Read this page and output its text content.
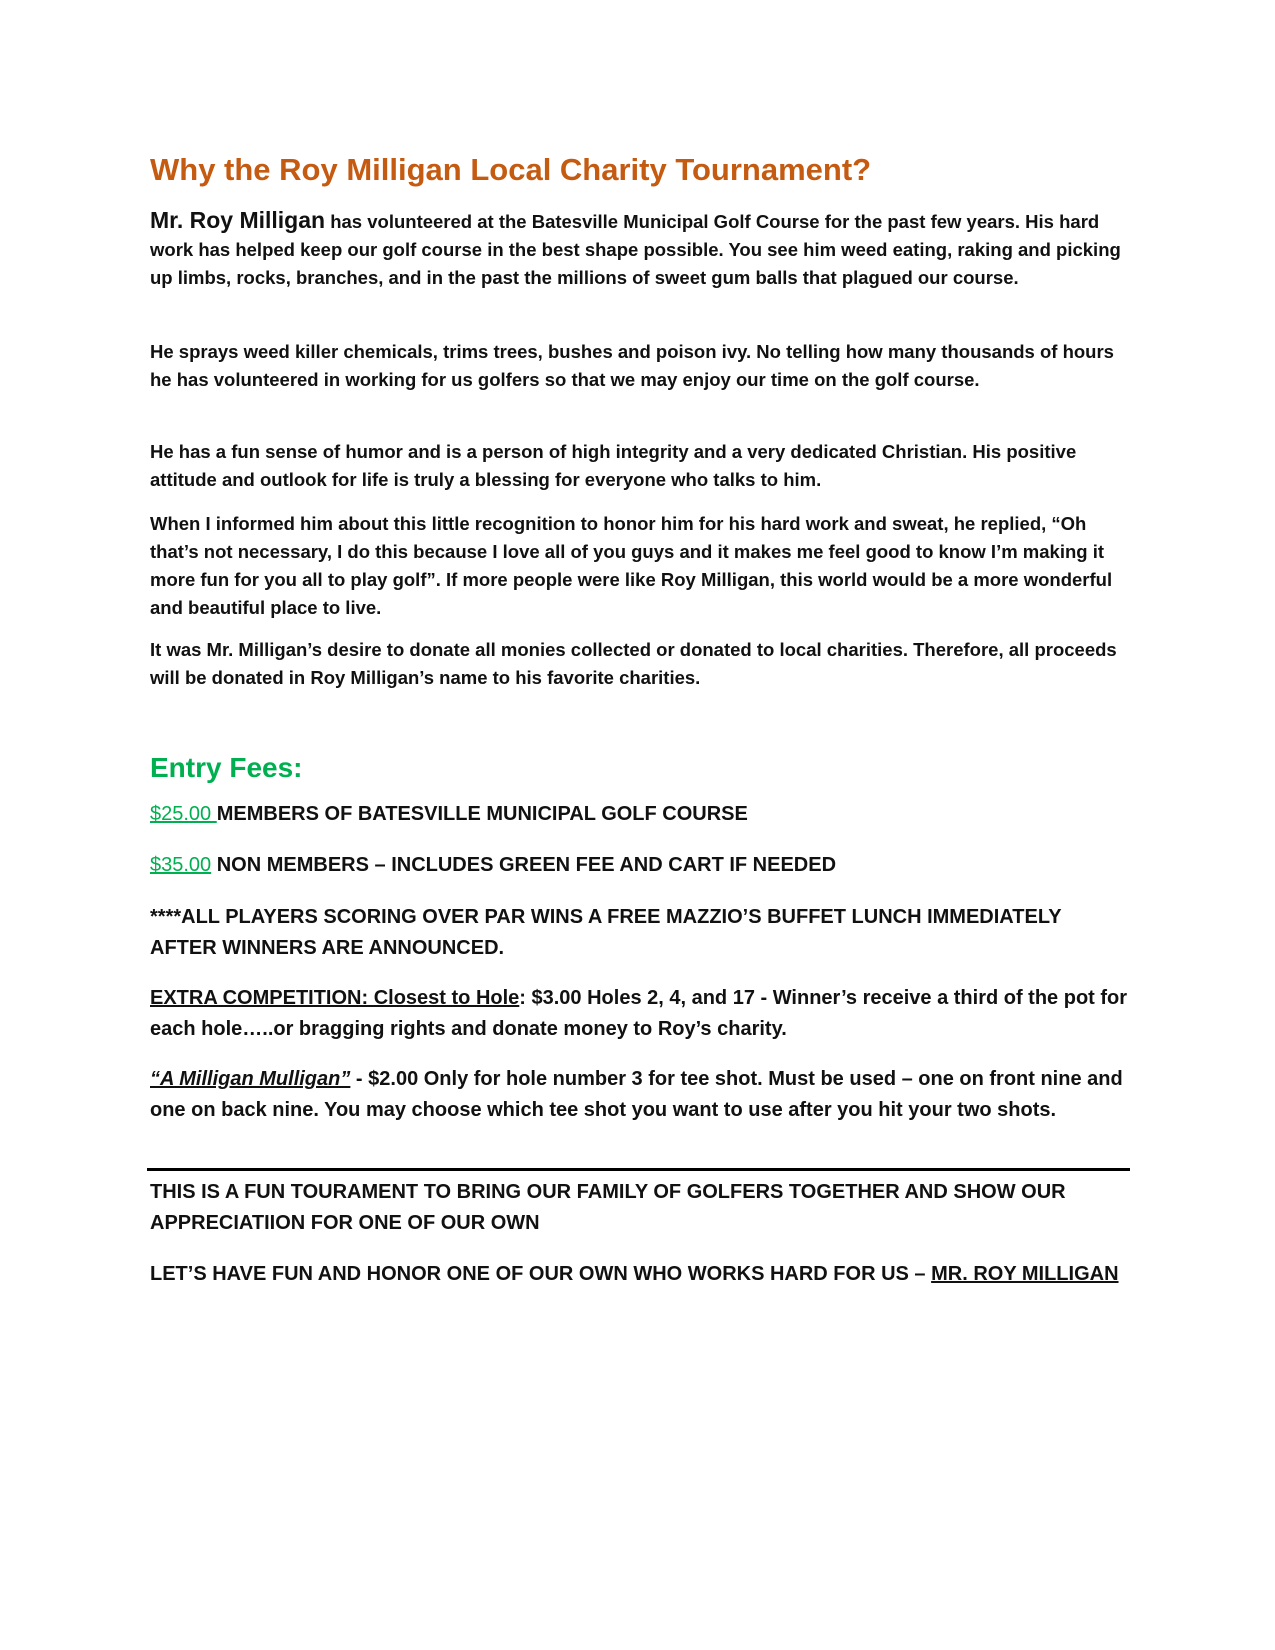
Why the Roy Milligan Local Charity Tournament?

Mr. Roy Milligan has volunteered at the Batesville Municipal Golf Course for the past few years. His hard work has helped keep our golf course in the best shape possible. You see him weed eating, raking and picking up limbs, rocks, branches, and in the past the millions of sweet gum balls that plagued our course.

He sprays weed killer chemicals, trims trees, bushes and poison ivy. No telling how many thousands of hours he has volunteered in working for us golfers so that we may enjoy our time on the golf course.

He has a fun sense of humor and is a person of high integrity and a very dedicated Christian. His positive attitude and outlook for life is truly a blessing for everyone who talks to him.

When I informed him about this little recognition to honor him for his hard work and sweat, he replied, “Oh that’s not necessary, I do this because I love all of you guys and it makes me feel good to know I’m making it more fun for you all to play golf”. If more people were like Roy Milligan, this world would be a more wonderful and beautiful place to live.

It was Mr. Milligan’s desire to donate all monies collected or donated to local charities. Therefore, all proceeds will be donated in Roy Milligan’s name to his favorite charities.

Entry Fees:

$25.00 MEMBERS OF BATESVILLE MUNICIPAL GOLF COURSE

$35.00 NON MEMBERS – INCLUDES GREEN FEE AND CART IF NEEDED

****ALL PLAYERS SCORING OVER PAR WINS A FREE MAZZIO’S BUFFET LUNCH IMMEDIATELY AFTER WINNERS ARE ANNOUNCED.

EXTRA COMPETITION: Closest to Hole: $3.00 Holes 2, 4, and 17 - Winner’s receive a third of the pot for each hole…..or bragging rights and donate money to Roy’s charity.

“A Milligan Mulligan” - $2.00 Only for hole number 3 for tee shot. Must be used – one on front nine and one on back nine. You may choose which tee shot you want to use after you hit your two shots.

THIS IS A FUN TOURAMENT TO BRING OUR FAMILY OF GOLFERS TOGETHER AND SHOW OUR APPRECIATIION FOR ONE OF OUR OWN

LET’S HAVE FUN AND HONOR ONE OF OUR OWN WHO WORKS HARD FOR US – MR. ROY MILLIGAN
